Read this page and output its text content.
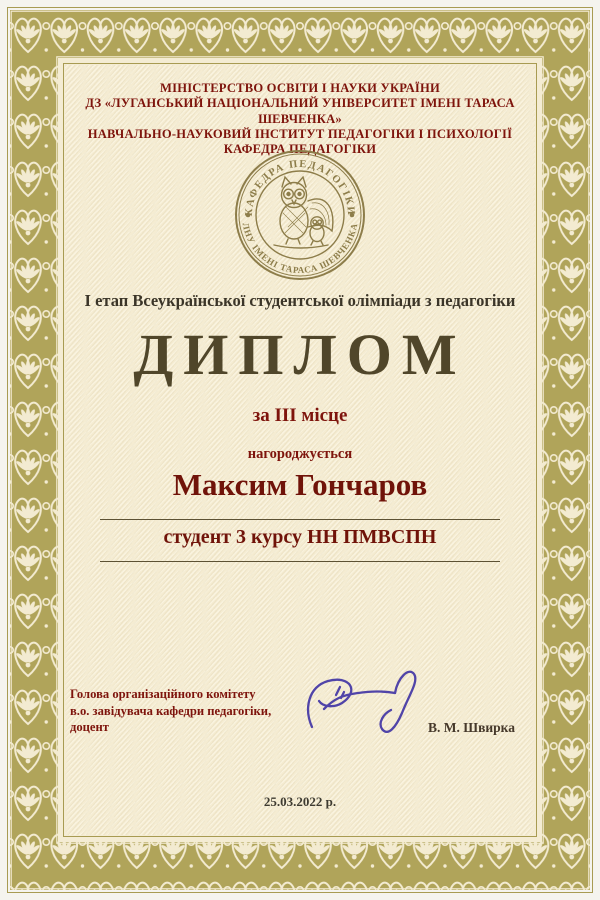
МІНІСТЕРСТВО ОСВІТИ І НАУКИ УКРАЇНИ
ДЗ «ЛУГАНСЬКИЙ НАЦІОНАЛЬНИЙ УНІВЕРСИТЕТ ІМЕНІ ТАРАСА ШЕВЧЕНКА»
НАВЧАЛЬНО-НАУКОВИЙ ІНСТИТУТ ПЕДАГОГІКИ І ПСИХОЛОГІЇ
КАФЕДРА ПЕДАГОГІКИ
КАФЕДРА ПЕДАГОГІКИ
ЛНУ ІМЕНІ ТАРАСА ШЕВЧЕНКА
І етап Всеукраїнської студентської олімпіади з педагогіки
ДИПЛОМ
за ІІІ місце
нагороджується
Максим Гончаров
студент 3 курсу НН ПМВСПН
Голова організаційного комітету
в.о. завідувача кафедри педагогіки,
доцент	В. М. Швирка
25.03.2022 р.
